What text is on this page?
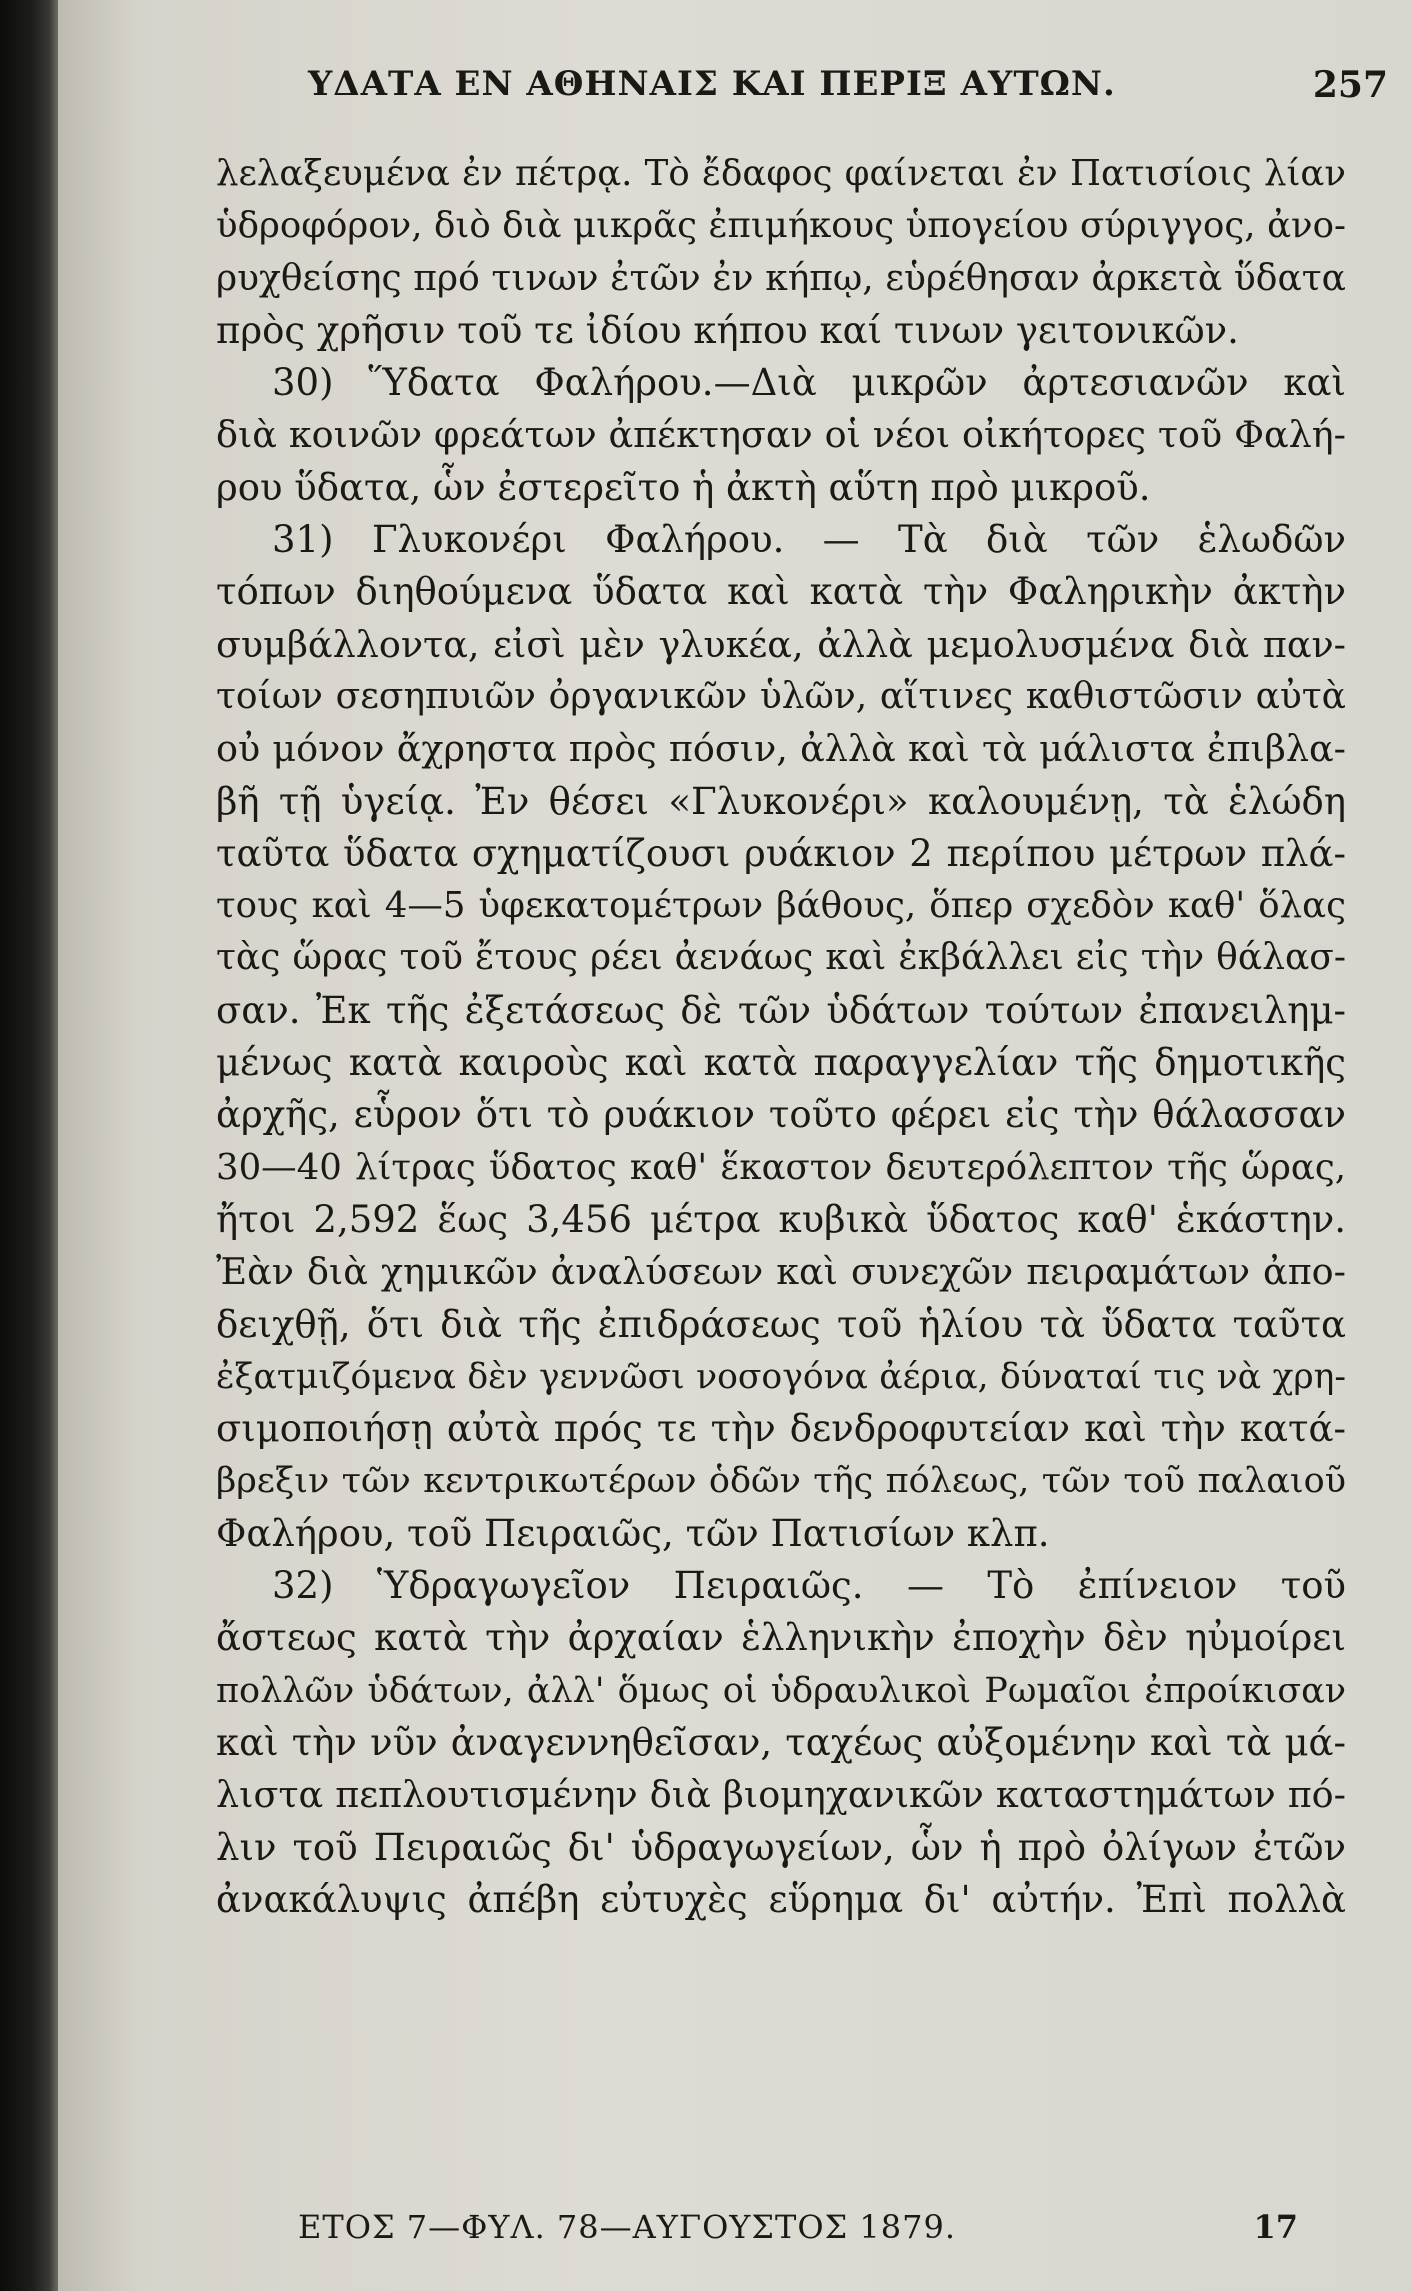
ΥΔΑΤΑ ΕΝ ΑΘΗΝΑΙΣ ΚΑΙ ΠΕΡΙΞ ΑΥΤΩΝ.	257
λελαξευμένα ἐν πέτρᾳ. Τὸ ἔδαφος φαίνεται ἐν Πατισίοις λίαν
ὑδροφόρον, διὸ διὰ μικρᾶς ἐπιμήκους ὑπογείου σύριγγος, ἀνο-
ρυχθείσης πρό τινων ἐτῶν ἐν κήπῳ, εὑρέθησαν ἀρκετὰ ὕδατα
πρὸς χρῆσιν τοῦ τε ἰδίου κήπου καί τινων γειτονικῶν.
30) Ὕδατα Φαλήρου.—Διὰ μικρῶν ἀρτεσιανῶν καὶ
διὰ κοινῶν φρεάτων ἀπέκτησαν οἱ νέοι οἰκήτορες τοῦ Φαλή-
ρου ὕδατα, ὧν ἐστερεῖτο ἡ ἀκτὴ αὕτη πρὸ μικροῦ.
31) Γλυκονέρι Φαλήρου. — Τὰ διὰ τῶν ἑλωδῶν
τόπων διηθούμενα ὕδατα καὶ κατὰ τὴν Φαληρικὴν ἀκτὴν
συμβάλλοντα, εἰσὶ μὲν γλυκέα, ἀλλὰ μεμολυσμένα διὰ παν-
τοίων σεσηπυιῶν ὀργανικῶν ὑλῶν, αἵτινες καθιστῶσιν αὐτὰ
οὐ μόνον ἄχρηστα πρὸς πόσιν, ἀλλὰ καὶ τὰ μάλιστα ἐπιβλα-
βῆ τῇ ὑγείᾳ. Ἐν θέσει «Γλυκονέρι» καλουμένῃ, τὰ ἑλώδη
ταῦτα ὕδατα σχηματίζουσι ρυάκιον 2 περίπου μέτρων πλά-
τους καὶ 4—5 ὑφεκατομέτρων βάθους, ὅπερ σχεδὸν καθ' ὅλας
τὰς ὥρας τοῦ ἔτους ρέει ἀενάως καὶ ἐκβάλλει εἰς τὴν θάλασ-
σαν. Ἐκ τῆς ἐξετάσεως δὲ τῶν ὑδάτων τούτων ἐπανειλημ-
μένως κατὰ καιροὺς καὶ κατὰ παραγγελίαν τῆς δημοτικῆς
ἀρχῆς, εὗρον ὅτι τὸ ρυάκιον τοῦτο φέρει εἰς τὴν θάλασσαν
30—40 λίτρας ὕδατος καθ' ἕκαστον δευτερόλεπτον τῆς ὥρας,
ἤτοι 2,592 ἕως 3,456 μέτρα κυβικὰ ὕδατος καθ' ἑκάστην.
Ἐὰν διὰ χημικῶν ἀναλύσεων καὶ συνεχῶν πειραμάτων ἀπο-
δειχθῇ, ὅτι διὰ τῆς ἐπιδράσεως τοῦ ἡλίου τὰ ὕδατα ταῦτα
ἐξατμιζόμενα δὲν γεννῶσι νοσογόνα ἀέρια, δύναταί τις νὰ χρη-
σιμοποιήσῃ αὐτὰ πρός τε τὴν δενδροφυτείαν καὶ τὴν κατά-
βρεξιν τῶν κεντρικωτέρων ὁδῶν τῆς πόλεως, τῶν τοῦ παλαιοῦ
Φαλήρου, τοῦ Πειραιῶς, τῶν Πατισίων κλπ.
32) Ὑδραγωγεῖον Πειραιῶς. — Τὸ ἐπίνειον τοῦ
ἄστεως κατὰ τὴν ἀρχαίαν ἑλληνικὴν ἐποχὴν δὲν ηὐμοίρει
πολλῶν ὑδάτων, ἀλλ' ὅμως οἱ ὑδραυλικοὶ Ρωμαῖοι ἐπροίκισαν
καὶ τὴν νῦν ἀναγεννηθεῖσαν, ταχέως αὐξομένην καὶ τὰ μά-
λιστα πεπλουτισμένην διὰ βιομηχανικῶν καταστημάτων πό-
λιν τοῦ Πειραιῶς δι' ὑδραγωγείων, ὧν ἡ πρὸ ὀλίγων ἐτῶν
ἀνακάλυψις ἀπέβη εὐτυχὲς εὕρημα δι' αὐτήν. Ἐπὶ πολλὰ
ΕΤΟΣ 7—ΦΥΛ. 78—ΑΥΓΟΥΣΤΟΣ 1879.	17
